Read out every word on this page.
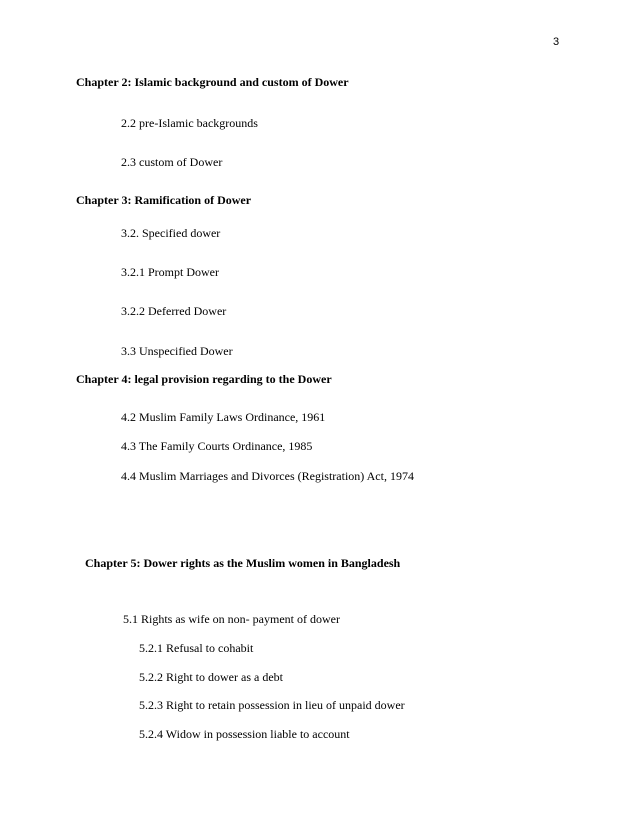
3
Chapter 2: Islamic background and custom of Dower
2.2 pre-Islamic backgrounds
2.3 custom of Dower
Chapter 3: Ramification of Dower
3.2. Specified dower
3.2.1 Prompt Dower
3.2.2 Deferred Dower
3.3 Unspecified Dower
Chapter 4: legal provision regarding to the Dower
4.2 Muslim Family Laws Ordinance, 1961
4.3 The Family Courts Ordinance, 1985
4.4 Muslim Marriages and Divorces (Registration) Act, 1974
Chapter 5: Dower rights as the Muslim women in Bangladesh
5.1 Rights as wife on non- payment of dower
5.2.1 Refusal to cohabit
5.2.2 Right to dower as a debt
5.2.3 Right to retain possession in lieu of unpaid dower
5.2.4 Widow in possession liable to account
